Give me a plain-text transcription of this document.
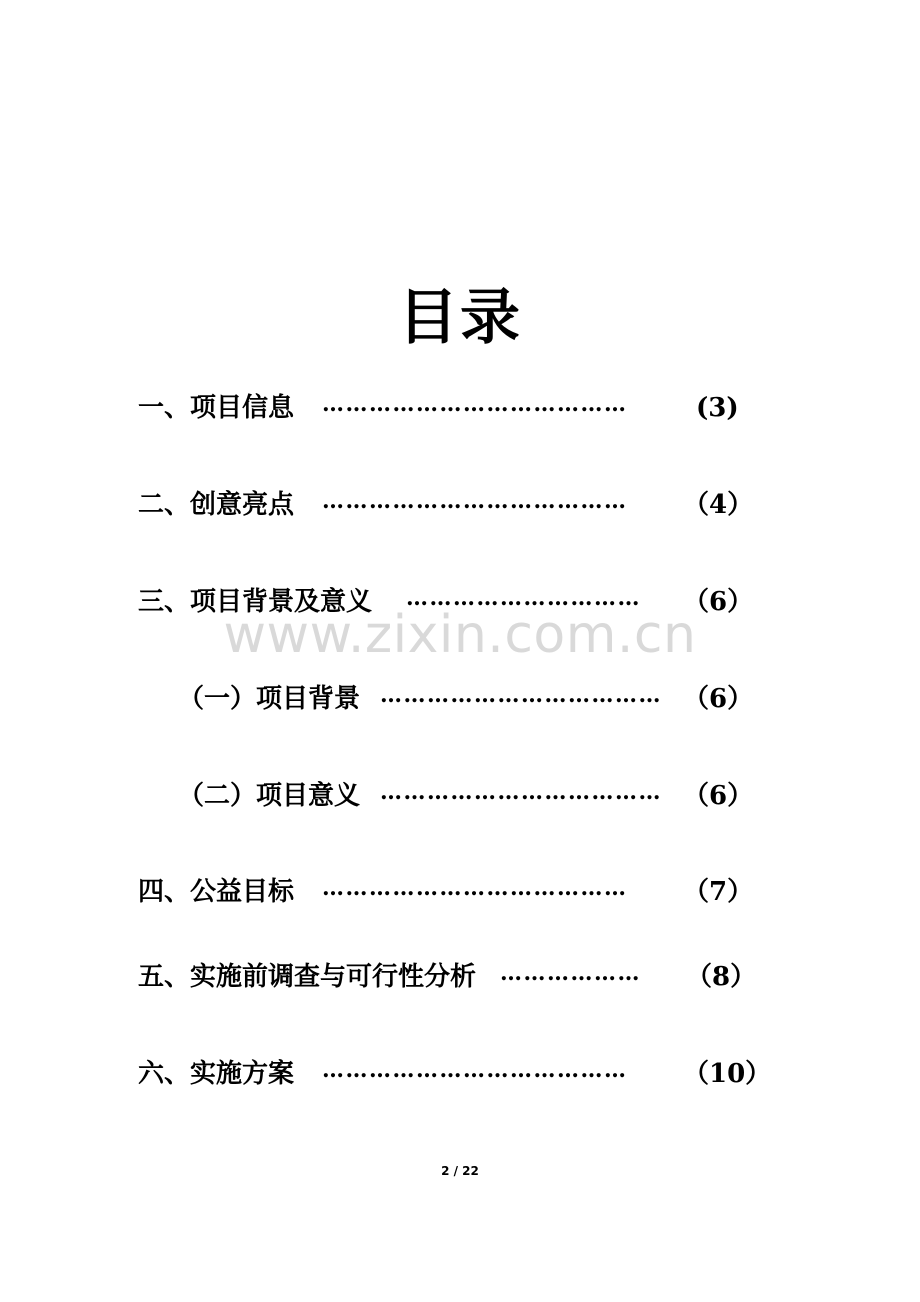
目录
www.zixin.com.cn
一、项目信息 …………………………………	(3)
二、创意亮点 …………………………………	（4）
三、项目背景及意义 …………………………	（6）
（一）项目背景 ……………………………… （6）
（二）项目意义 ……………………………… （6）
四、公益目标 …………………………………	（7）
五、实施前调查与可行性分析 ………………	（8）
六、实施方案 …………………………………	（10）
2 / 22
